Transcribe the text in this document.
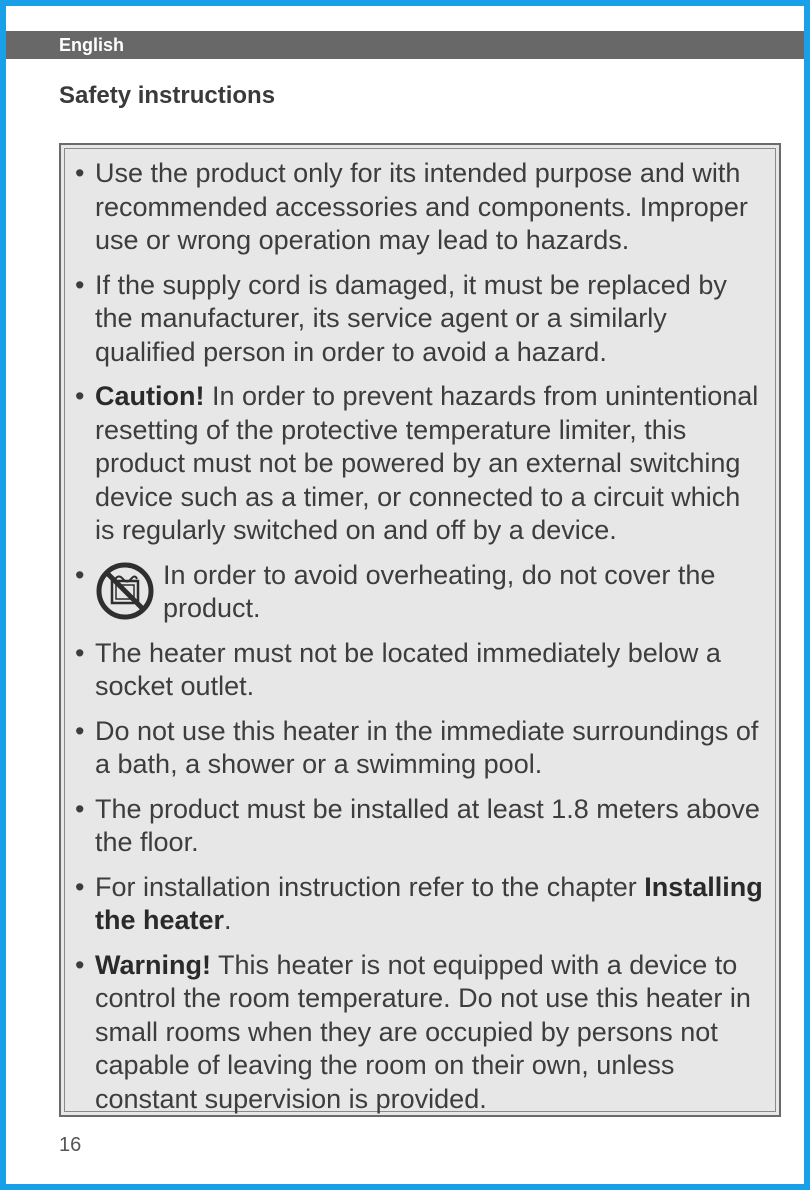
English
Safety instructions
• Use the product only for its intended purpose and with recommended accessories and components. Improper use or wrong operation may lead to hazards.
• If the supply cord is damaged, it must be replaced by the manufacturer, its service agent or a similarly qualified person in order to avoid a hazard.
• Caution! In order to prevent hazards from unintentional resetting of the protective temperature limiter, this product must not be powered by an external switching device such as a timer, or connected to a circuit which is regularly switched on and off by a device.
•	In order to avoid overheating, do not cover the product.
• The heater must not be located immediately below a socket outlet.
• Do not use this heater in the immediate surroundings of a bath, a shower or a swimming pool.
• The product must be installed at least 1.8 meters above the floor.
• For installation instruction refer to the chapter Installing the heater.
• Warning! This heater is not equipped with a device to control the room temperature. Do not use this heater in small rooms when they are occupied by persons not capable of leaving the room on their own, unless constant supervision is provided.
16
